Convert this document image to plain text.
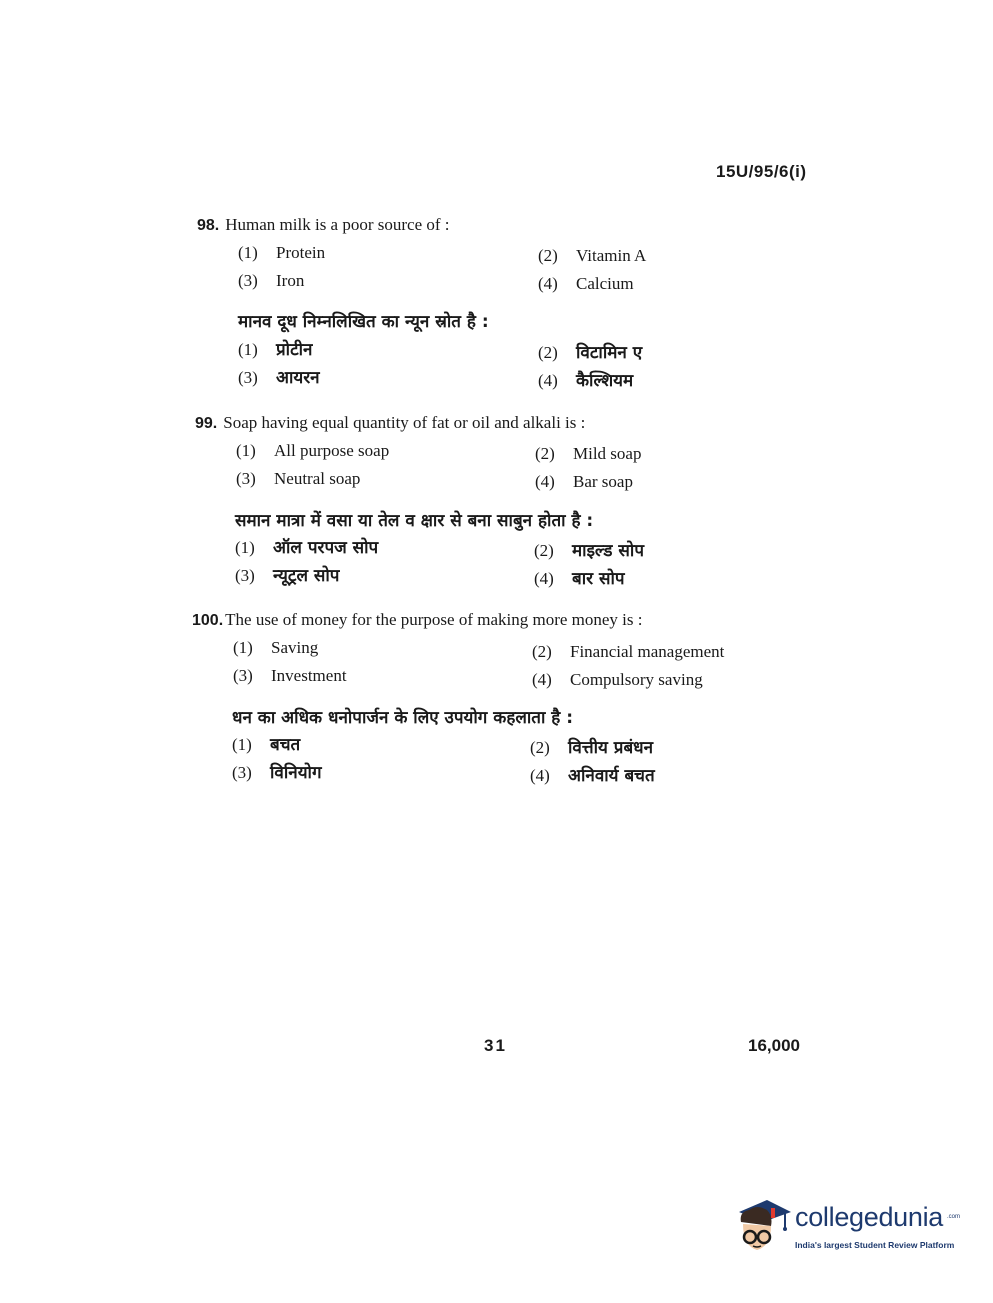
15U/95/6(i)
98. Human milk is a poor source of :
(1) Protein	(2) Vitamin A
(3) Iron	(4) Calcium
मानव दूध निम्नलिखित का न्यून स्रोत है :
(1) प्रोटीन	(2) विटामिन ए
(3) आयरन	(4) कैल्शियम
99. Soap having equal quantity of fat or oil and alkali is :
(1) All purpose soap	(2) Mild soap
(3) Neutral soap	(4) Bar soap
समान मात्रा में वसा या तेल व क्षार से बना साबुन होता है :
(1) ऑल परपज सोप	(2) माइल्ड सोप
(3) न्यूट्रल सोप	(4) बार सोप
100. The use of money for the purpose of making more money is :
(1) Saving	(2) Financial management
(3) Investment	(4) Compulsory saving
धन का अधिक धनोपार्जन के लिए उपयोग कहलाता है :
(1) बचत	(2) वित्तीय प्रबंधन
(3) विनियोग	(4) अनिवार्य बचत
31	16,000
collegedunia .com
India's largest Student Review Platform
